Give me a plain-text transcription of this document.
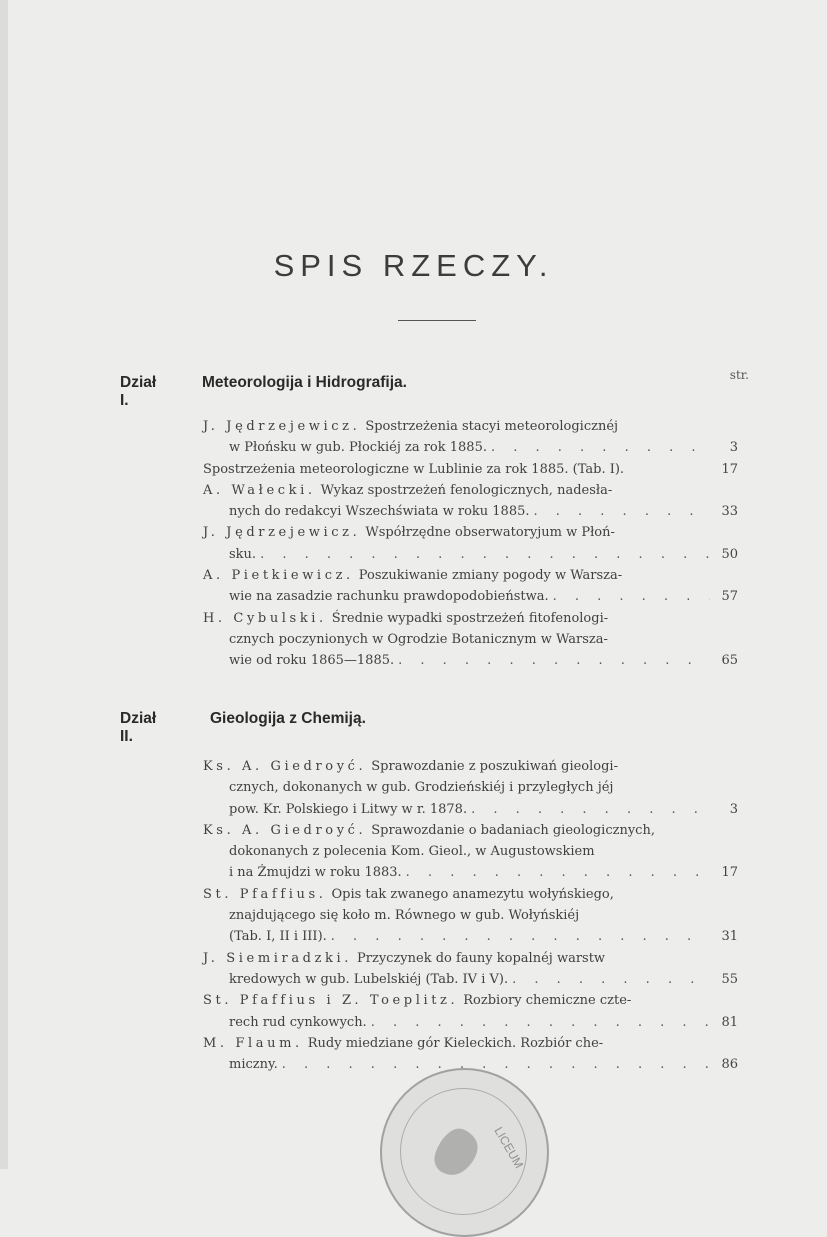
SPIS RZECZY.
str.
Dział I.
Meteorologija i Hidrografija.
J. Jędrzejewicz. Spostrzeżenia stacyi meteorologicznéj
w Płońsku w gub. Płockiéj za rok 1885. . . .	3
Spostrzeżenia meteorologiczne w Lublinie za rok 1885. (Tab. I).	17
A. Wałecki. Wykaz spostrzeżeń fenologicznych, nadesła-
nych do redakcyi Wszechświata w roku 1885. . . .	33
J. Jędrzejewicz. Współrzędne obserwatoryjum w Płoń-
sku. . . .	50
A. Pietkiewicz. Poszukiwanie zmiany pogody w Warsza-
wie na zasadzie rachunku prawdopodobieństwa. . . .	57
H. Cybulski. Średnie wypadki spostrzeżeń fitofenologi-
cznych poczynionych w Ogrodzie Botanicznym w Warsza-
wie od roku 1865—1885. . . .	65
Dział II.
Gieologija z Chemiją.
Ks. A. Giedroyć. Sprawozdanie z poszukiwań gieologi-
cznych, dokonanych w gub. Grodzieńskiéj i przyległych jéj
pow. Kr. Polskiego i Litwy w r. 1878. . . .	3
Ks. A. Giedroyć. Sprawozdanie o badaniach gieologicznych,
dokonanych z polecenia Kom. Gieol., w Augustowskiem
i na Żmujdzi w roku 1883. . . .	17
St. Pfaffius. Opis tak zwanego anamezytu wołyńskiego,
znajdującego się koło m. Równego w gub. Wołyńskiéj
(Tab. I, II i III). . . .	31
J. Siemiradzki. Przyczynek do fauny kopalnéj warstw
kredowych w gub. Lubelskiéj (Tab. IV i V). . . .	55
St. Pfaffius i Z. Toeplitz. Rozbiory chemiczne czte-
rech rud cynkowych. . . .	81
M. Flaum. Rudy miedziane gór Kieleckich. Rozbiór che-
miczny. . . .	86
LICEUM
